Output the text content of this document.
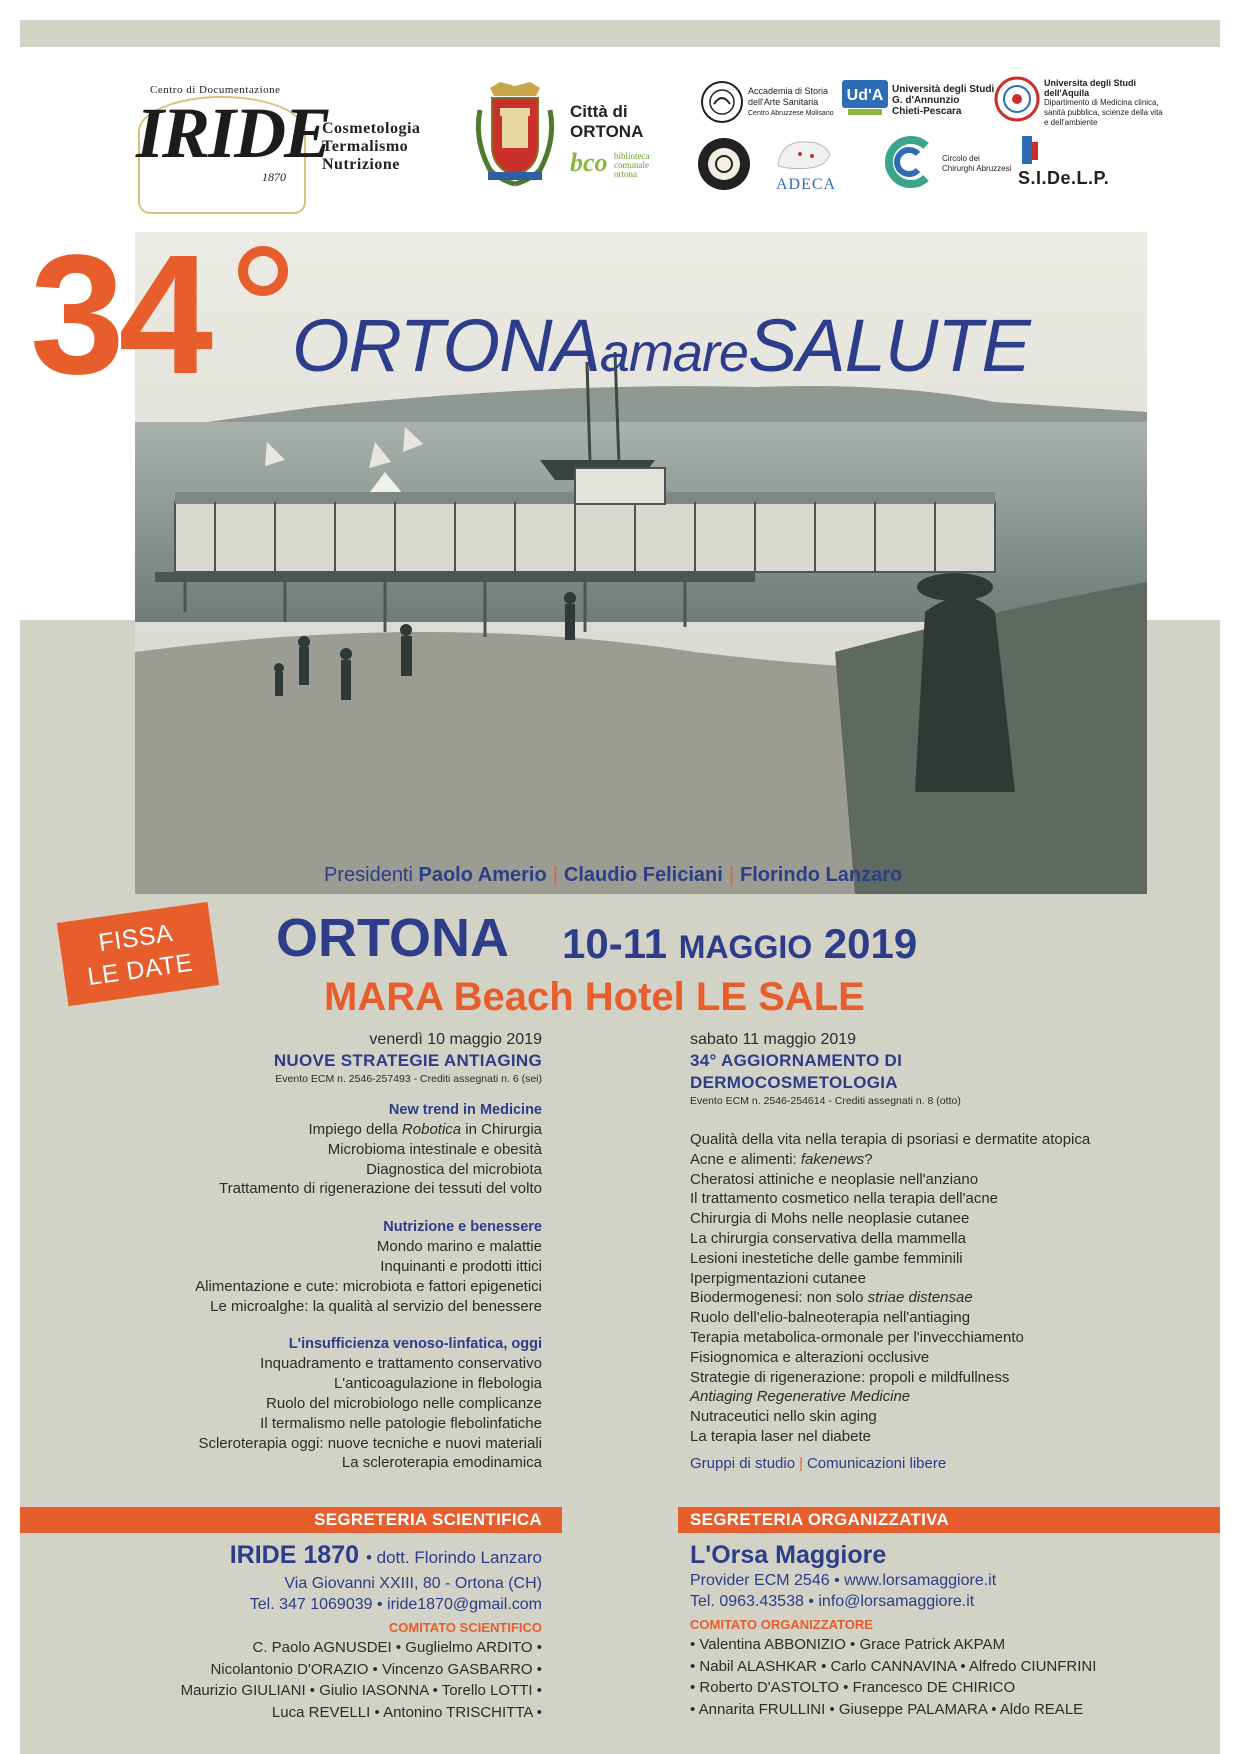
Centro di Documentazione
IRIDE
1870
Cosmetologia
Termalismo
Nutrizione
Città di
ORTONA
bco biblioteca comunale ortona
Accademia di Storia
dell'Arte Sanitaria
Centro Abruzzese Molisano
Ud'A Università degli Studi
G. d'Annunzio
Chieti-Pescara
Universita degli Studi
dell'Aquila
Dipartimento di Medicina clinica,
sanità pubblica, scienze della vita
e dell'ambiente
ADECA
Circolo dei
Chirurghi Abruzzesi S.I.De.L.P.
34 ORTONAamareSALUTE
Presidenti Paolo Amerio | Claudio Feliciani | Florindo Lanzaro
FISSA
LE DATE
ORTONA 10-11 MAGGIO 2019
MARA Beach Hotel LE SALE
venerdì 10 maggio 2019
NUOVE STRATEGIE ANTIAGING
Evento ECM n. 2546-257493 - Crediti assegnati n. 6 (sei)
New trend in Medicine
Impiego della Robotica in Chirurgia
Microbioma intestinale e obesità
Diagnostica del microbiota
Trattamento di rigenerazione dei tessuti del volto
Nutrizione e benessere
Mondo marino e malattie
Inquinanti e prodotti ittici
Alimentazione e cute: microbiota e fattori epigenetici
Le microalghe: la qualità al servizio del benessere
L'insufficienza venoso-linfatica, oggi
Inquadramento e trattamento conservativo
L'anticoagulazione in flebologia
Ruolo del microbiologo nelle complicanze
Il termalismo nelle patologie flebolinfatiche
Scleroterapia oggi: nuove tecniche e nuovi materiali
La scleroterapia emodinamica
sabato 11 maggio 2019
34° AGGIORNAMENTO DI
DERMOCOSMETOLOGIA
Evento ECM n. 2546-254614 - Crediti assegnati n. 8 (otto)
Qualità della vita nella terapia di psoriasi e dermatite atopica
Acne e alimenti: fakenews?
Cheratosi attiniche e neoplasie nell'anziano
Il trattamento cosmetico nella terapia dell'acne
Chirurgia di Mohs nelle neoplasie cutanee
La chirurgia conservativa della mammella
Lesioni inestetiche delle gambe femminili
Iperpigmentazioni cutanee
Biodermogenesi: non solo striae distensae
Ruolo dell'elio-balneoterapia nell'antiaging
Terapia metabolica-ormonale per l'invecchiamento
Fisiognomica e alterazioni occlusive
Strategie di rigenerazione: propoli e mildfullness
Antiaging Regenerative Medicine
Nutraceutici nello skin aging
La terapia laser nel diabete
Gruppi di studio | Comunicazioni libere
SEGRETERIA SCIENTIFICA	SEGRETERIA ORGANIZZATIVA
IRIDE 1870 • dott. Florindo Lanzaro
Via Giovanni XXIII, 80 - Ortona (CH)
Tel. 347 1069039 • iride1870@gmail.com
COMITATO SCIENTIFICO
C. Paolo AGNUSDEI • Guglielmo ARDITO •
Nicolantonio D'ORAZIO • Vincenzo GASBARRO •
Maurizio GIULIANI • Giulio IASONNA • Torello LOTTI •
Luca REVELLI • Antonino TRISCHITTA •
L'Orsa Maggiore
Provider ECM 2546 • www.lorsamaggiore.it
Tel. 0963.43538 • info@lorsamaggiore.it
COMITATO ORGANIZZATORE
• Valentina ABBONIZIO • Grace Patrick AKPAM
• Nabil ALASHKAR • Carlo CANNAVINA • Alfredo CIUNFRINI
• Roberto D'ASTOLTO • Francesco DE CHIRICO
• Annarita FRULLINI • Giuseppe PALAMARA • Aldo REALE
